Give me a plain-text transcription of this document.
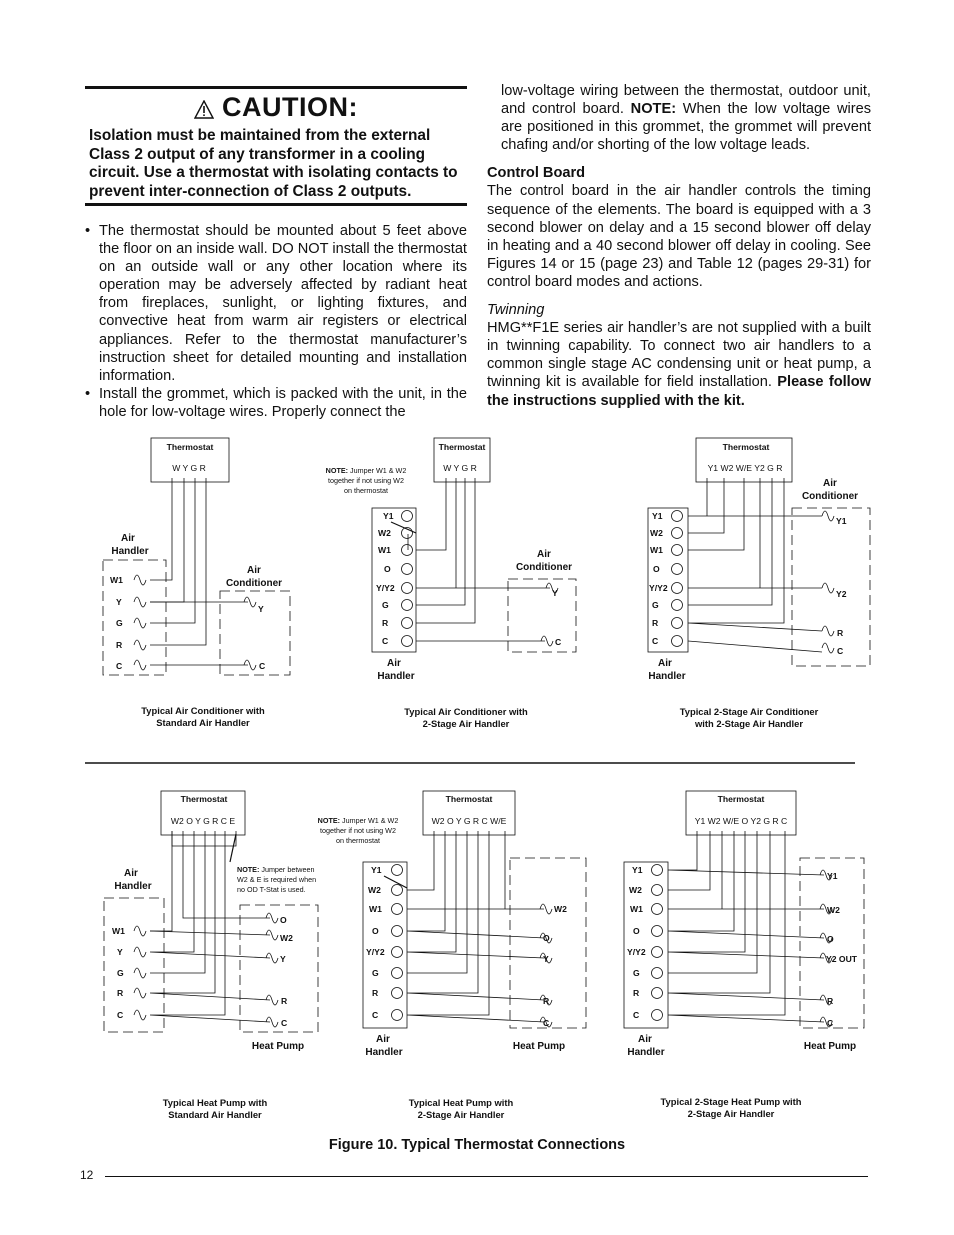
CAUTION:
Isolation must be maintained from the external Class 2 output of any transformer in a cooling circuit. Use a thermostat with isolating contacts to prevent inter-connection of Class 2 outputs.
• The thermostat should be mounted about 5 feet above the floor on an inside wall. DO NOT install the thermostat on an outside wall or any other location where its operation may be adversely affected by radiant heat from fireplaces, sunlight, or lighting fixtures, and convective heat from warm air registers or electrical appliances. Refer to the thermostat manufacturer’s instruction sheet for detailed mounting and installation information.
• Install the grommet, which is packed with the unit, in the hole for low-voltage wires. Properly connect the

low-voltage wiring between the thermostat, outdoor unit, and control board. NOTE: When the low voltage wires are positioned in this grommet, the grommet will prevent chafing and/or shorting of the low voltage leads.

Control Board

The control board in the air handler controls the timing sequence of the elements. The board is equipped with a 3 second blower on delay and a 15 second blower off delay in heating and a 40 second blower off delay in cooling. See Figures 14 or 15 (page 23) and Table 12 (pages 29-31) for control board modes and actions.

Twinning

HMG**F1E series air handler’s are not supplied with a built in twinning capability. To connect two air handlers to a common single stage AC condensing unit or heat pump, a twinning kit is available for field installation. Please follow the instructions supplied with the kit.

Thermostat
W Y G R
Air
Handler
Air
Conditioner
W1
Y
G
R
C
Y
C
Typical Air Conditioner with
Standard Air Handler
Thermostat
W Y G R
NOTE: Jumper W1 & W2
together if not using W2
on thermostat
Y1
W2
W1
O
Y/Y2
G
R
C
Air
Conditioner
Y
C
Air
Handler
Typical Air Conditioner with
2-Stage Air Handler
Thermostat
Y1 W2 W/E Y2 G R
Y1
W2
W1
O
Y/Y2
G
R
C
Air
Conditioner
Y1
Y2
R
C
Air
Handler
Typical 2-Stage Air Conditioner
with 2-Stage Air Handler
Thermostat
W2 O Y G R C E
NOTE: Jumper between
W2 & E is required when
no OD T-Stat is used.
Air
Handler
W1
Y
G
R
C
O
W2
Y
R
C
Heat Pump
Typical Heat Pump with
Standard Air Handler
Thermostat
W2 O Y G R C W/E
NOTE: Jumper W1 & W2
together if not using W2
on thermostat
Y1
W2
W1
O
Y/Y2
G
R
C
W2
O
Y
R
C
Air
Handler
Heat Pump
Typical Heat Pump with
2-Stage Air Handler
Thermostat
Y1 W2 W/E O Y2 G R C
Y1
W2
W1
O
Y/Y2
G
R
C
Y1
W2
O
Y2 OUT
R
C
Air
Handler
Heat Pump
Typical 2-Stage Heat Pump with
2-Stage Air Handler
Figure 10. Typical Thermostat Connections
12
